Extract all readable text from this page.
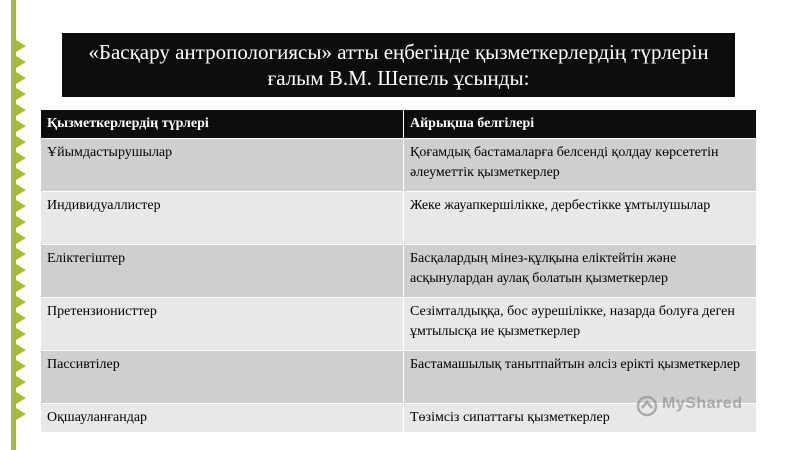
«Басқару антропологиясы» атты еңбегінде қызметкерлердің түрлерін ғалым В.М. Шепель ұсынды:
Қызметкерлердің түрлері	Айрықша белгілері
Ұйымдастырушылар	Қоғамдық бастамаларға белсенді қолдау көрсететін әлеуметтік қызметкерлер
Индивидуаллистер	Жеке жауапкершілікке, дербестікке ұмтылушылар
Еліктегіштер	Басқалардың мінез-құлқына еліктейтін және асқынулардан аулақ болатын қызметкерлер
Претензионисттер	Сезімталдыққа, бос әурешілікке, назарда болуға деген ұмтылысқа ие қызметкерлер
Пассивтілер	Бастамашылық танытпайтын әлсіз ерікті қызметкерлер
Оқшауланғандар	Төзімсіз сипаттағы қызметкерлер
MyShared
